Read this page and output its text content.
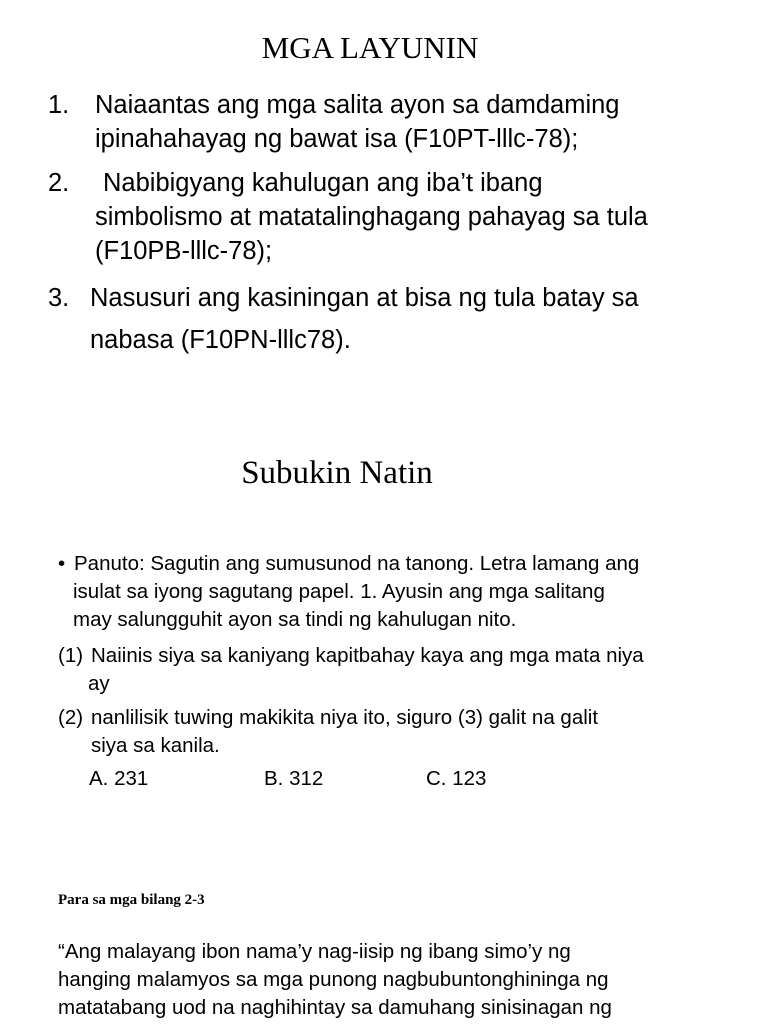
MGA LAYUNIN
1.	Naiaantas ang mga salita ayon sa damdaming
ipinahahayag ng bawat isa (F10PT-lllc-78);
2.	Nabibigyang kahulugan ang iba’t ibang
simbolismo at matatalinghagang pahayag sa tula
(F10PB-lllc-78);
3. Nasusuri ang kasiningan at bisa ng tula batay sa
nabasa (F10PN-lllc78).
Subukin Natin
• Panuto: Sagutin ang sumusunod na tanong. Letra lamang ang
isulat sa iyong sagutang papel. 1. Ayusin ang mga salitang
may salungguhit ayon sa tindi ng kahulugan nito.
(1) Naiinis siya sa kaniyang kapitbahay kaya ang mga mata niya
ay
(2) nanlilisik tuwing makikita niya ito, siguro (3) galit na galit
siya sa kanila.
A. 231	B. 312	C. 123
Para sa mga bilang 2-3
“Ang malayang ibon nama’y nag-iisip ng ibang simo’y ng
hanging malamyos sa mga punong nagbubuntonghininga ng
matatabang uod na naghihintay sa damuhang sinisinagan ng
